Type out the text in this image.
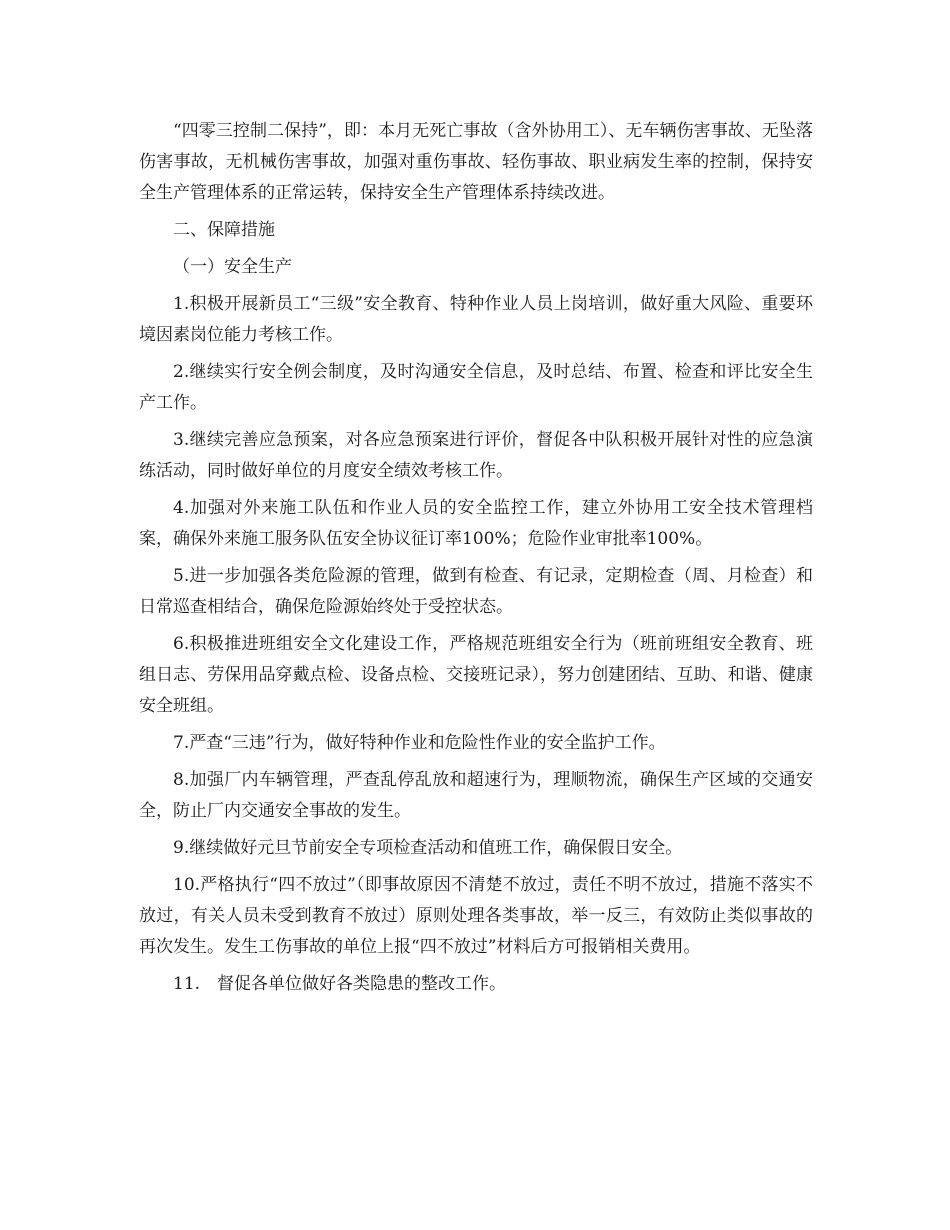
“四零三控制二保持”，即：本月无死亡事故（含外协用工）、无车辆伤害事故、无坠落伤害事故，无机械伤害事故，加强对重伤事故、轻伤事故、职业病发生率的控制，保持安全生产管理体系的正常运转，保持安全生产管理体系持续改进。

二、保障措施

（一）安全生产

1.积极开展新员工“三级”安全教育、特种作业人员上岗培训，做好重大风险、重要环境因素岗位能力考核工作。

2.继续实行安全例会制度，及时沟通安全信息，及时总结、布置、检查和评比安全生产工作。

3.继续完善应急预案，对各应急预案进行评价，督促各中队积极开展针对性的应急演练活动，同时做好单位的月度安全绩效考核工作。

4.加强对外来施工队伍和作业人员的安全监控工作，建立外协用工安全技术管理档案，确保外来施工服务队伍安全协议征订率100%；危险作业审批率100%。

5.进一步加强各类危险源的管理，做到有检查、有记录，定期检查（周、月检查）和日常巡查相结合，确保危险源始终处于受控状态。

6.积极推进班组安全文化建设工作，严格规范班组安全行为（班前班组安全教育、班组日志、劳保用品穿戴点检、设备点检、交接班记录），努力创建团结、互助、和谐、健康安全班组。

7.严查“三违”行为，做好特种作业和危险性作业的安全监护工作。

8.加强厂内车辆管理，严查乱停乱放和超速行为，理顺物流，确保生产区域的交通安全，防止厂内交通安全事故的发生。

9.继续做好元旦节前安全专项检查活动和值班工作，确保假日安全。

10.严格执行“四不放过”（即事故原因不清楚不放过，责任不明不放过，措施不落实不放过，有关人员未受到教育不放过）原则处理各类事故，举一反三，有效防止类似事故的再次发生。发生工伤事故的单位上报“四不放过”材料后方可报销相关费用。

11.　督促各单位做好各类隐患的整改工作。
